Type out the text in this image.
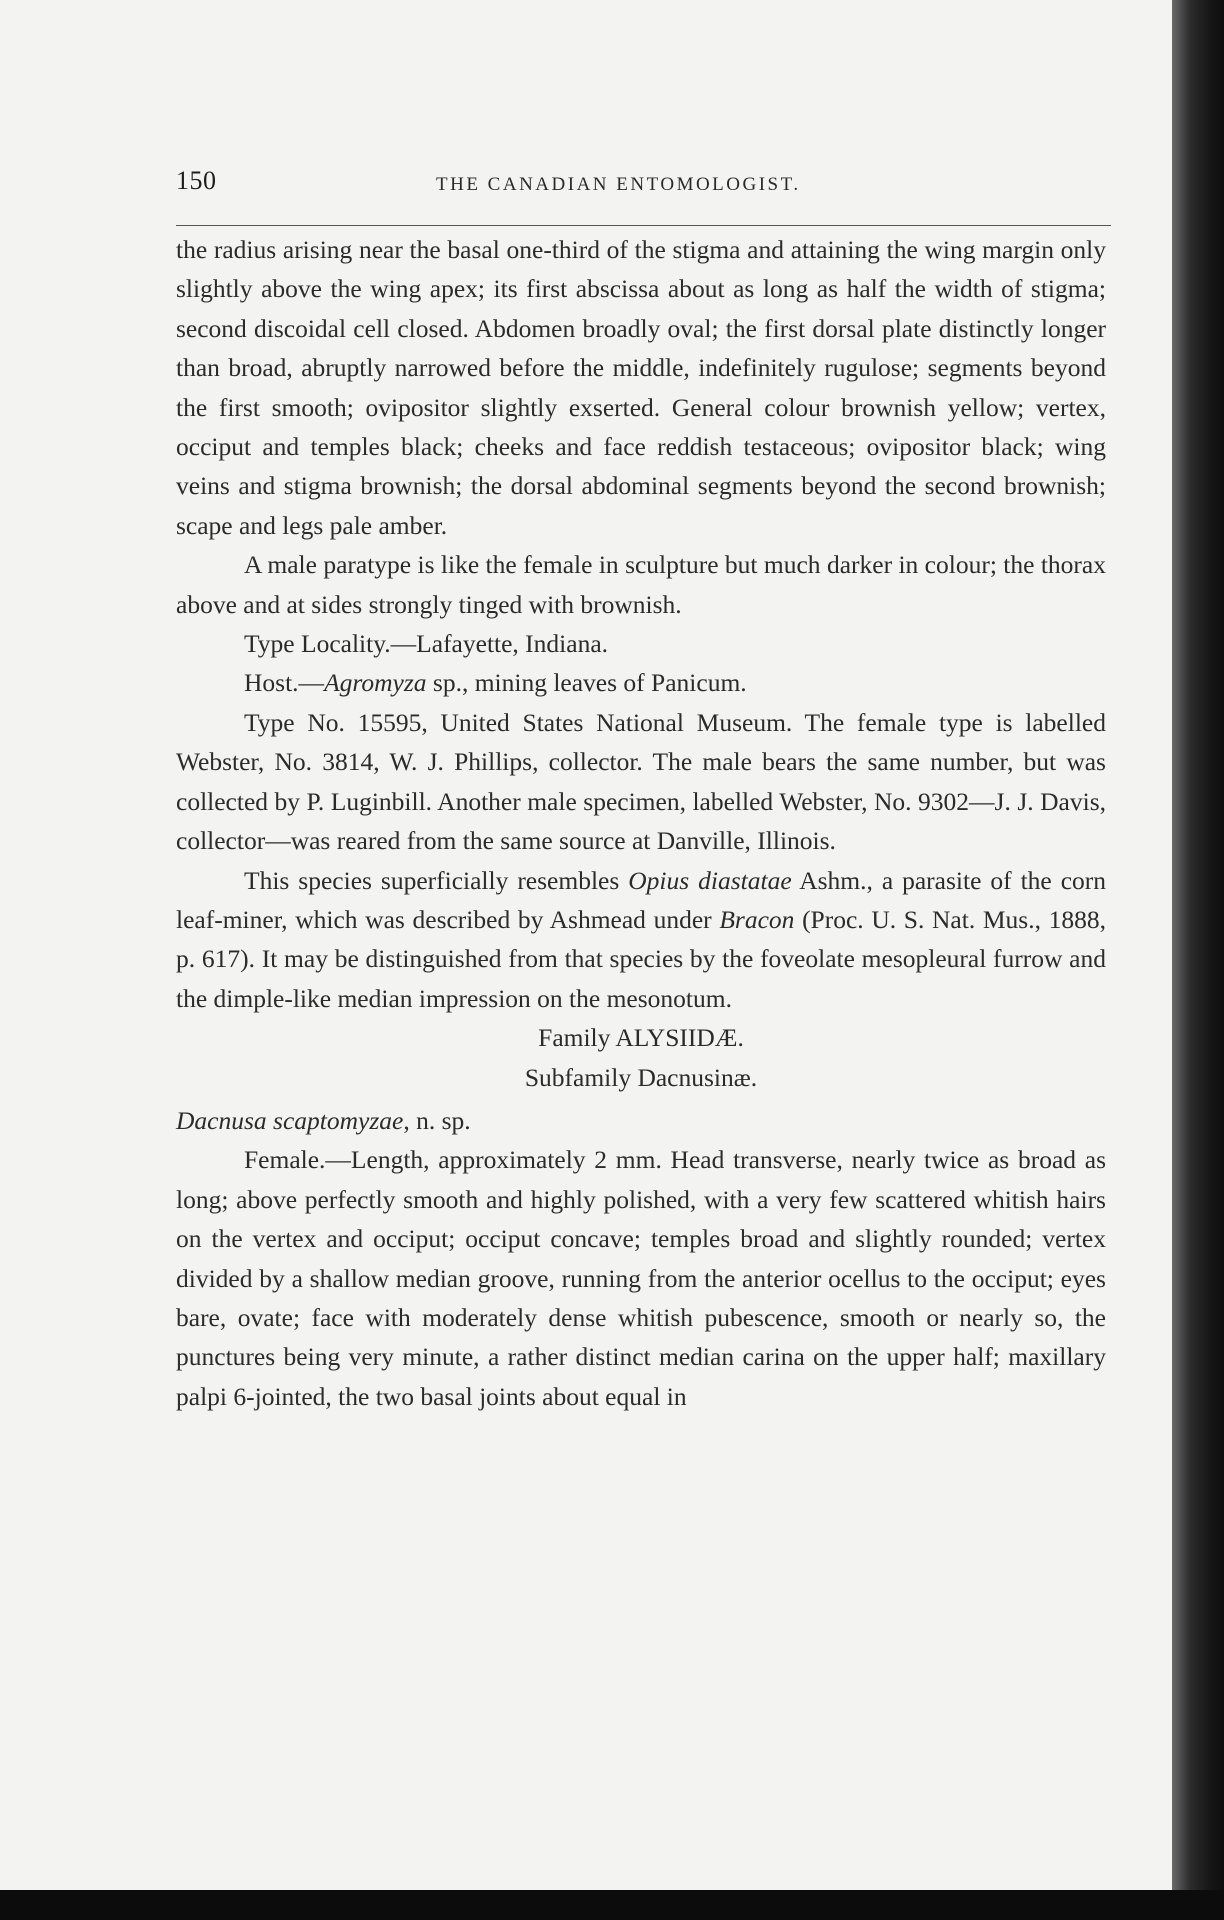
150	THE CANADIAN ENTOMOLOGIST.

the radius arising near the basal one-third of the stigma and attaining the wing margin only slightly above the wing apex; its first abscissa about as long as half the width of stigma; second discoidal cell closed. Abdomen broadly oval; the first dorsal plate distinctly longer than broad, abruptly narrowed before the middle, indefinitely rugulose; segments beyond the first smooth; ovipositor slightly exserted. General colour brownish yellow; vertex, occiput and temples black; cheeks and face reddish testaceous; ovipositor black; wing veins and stigma brownish; the dorsal abdominal segments beyond the second brownish; scape and legs pale amber.

A male paratype is like the female in sculpture but much darker in colour; the thorax above and at sides strongly tinged with brownish.

Type Locality.—Lafayette, Indiana.

Host.—Agromyza sp., mining leaves of Panicum.

Type No. 15595, United States National Museum. The female type is labelled Webster, No. 3814, W. J. Phillips, collector. The male bears the same number, but was collected by P. Luginbill. Another male specimen, labelled Webster, No. 9302—J. J. Davis, collector—was reared from the same source at Danville, Illinois.

This species superficially resembles Opius diastatae Ashm., a parasite of the corn leaf-miner, which was described by Ashmead under Bracon (Proc. U. S. Nat. Mus., 1888, p. 617). It may be distinguished from that species by the foveolate mesopleural furrow and the dimple-like median impression on the mesonotum.

Family ALYSIIDÆ.

Subfamily Dacnusinæ.

Dacnusa scaptomyzae, n. sp.

Female.—Length, approximately 2 mm. Head transverse, nearly twice as broad as long; above perfectly smooth and highly polished, with a very few scattered whitish hairs on the vertex and occiput; occiput concave; temples broad and slightly rounded; vertex divided by a shallow median groove, running from the anterior ocellus to the occiput; eyes bare, ovate; face with moderately dense whitish pubescence, smooth or nearly so, the punctures being very minute, a rather distinct median carina on the upper half; maxillary palpi 6-jointed, the two basal joints about equal in
